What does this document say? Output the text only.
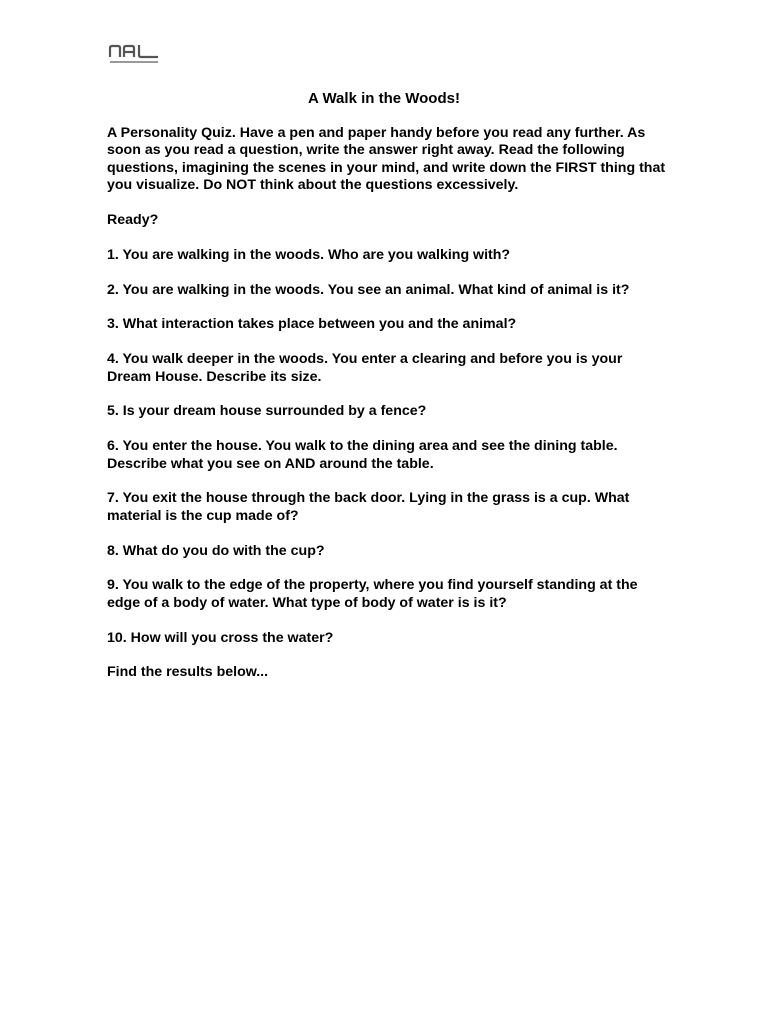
A Walk in the Woods!

A Personality Quiz. Have a pen and paper handy before you read any further. As soon as you read a question, write the answer right away. Read the following questions, imagining the scenes in your mind, and write down the FIRST thing that you visualize. Do NOT think about the questions excessively.

Ready?

1. You are walking in the woods. Who are you walking with?

2. You are walking in the woods. You see an animal. What kind of animal is it?

3. What interaction takes place between you and the animal?

4. You walk deeper in the woods. You enter a clearing and before you is your Dream House. Describe its size.

5. Is your dream house surrounded by a fence?

6. You enter the house. You walk to the dining area and see the dining table. Describe what you see on AND around the table.

7. You exit the house through the back door. Lying in the grass is a cup. What material is the cup made of?

8. What do you do with the cup?

9. You walk to the edge of the property, where you find yourself standing at the edge of a body of water. What type of body of water is is it?

10. How will you cross the water?

Find the results below...
